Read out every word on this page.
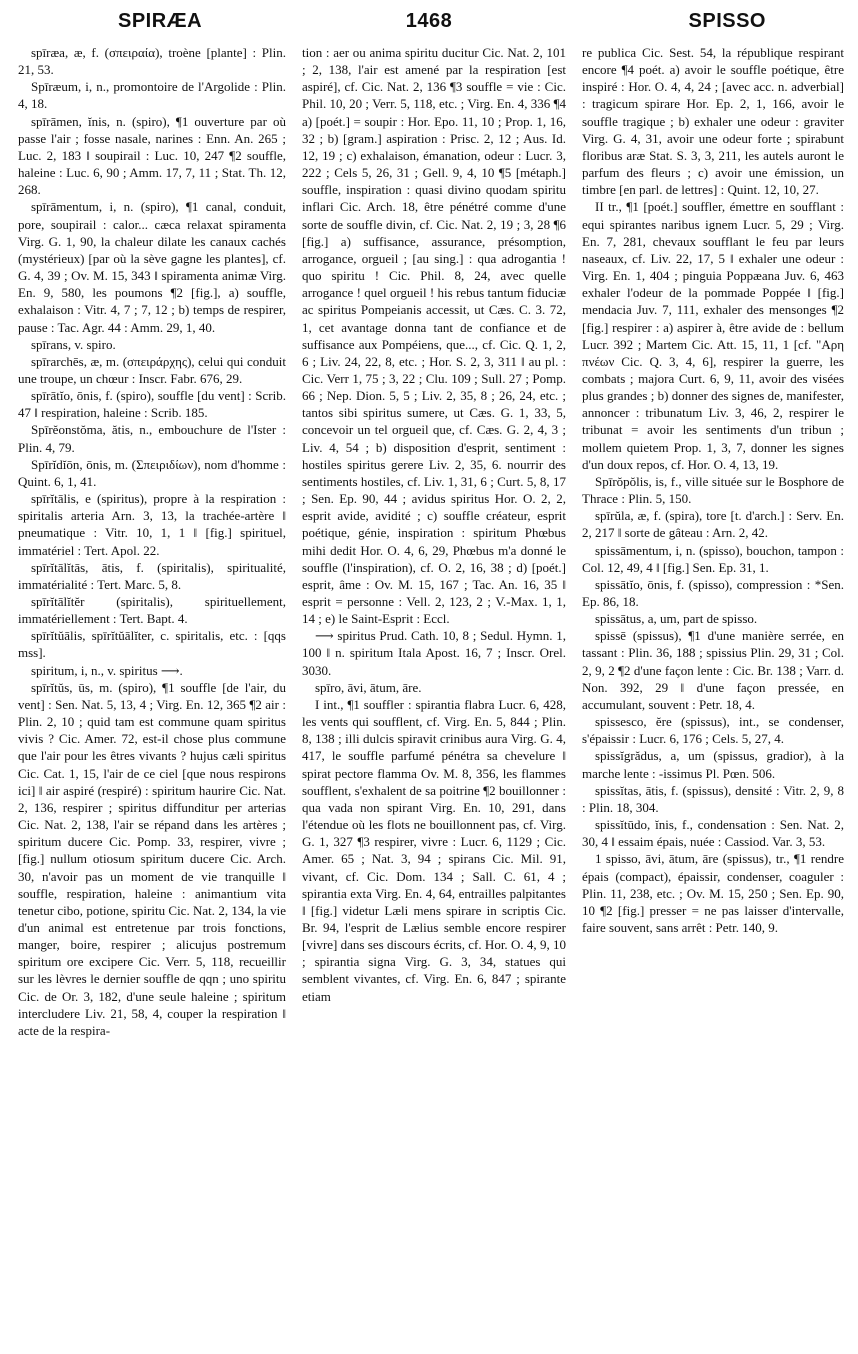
SPIRÆA	1468	SPISSO

spīræa, æ, f. (σπειραία), troène [plante] : Plin. 21, 53.

Spīræum, i, n., promontoire de l'Argolide : Plin. 4, 18.

spīrāmen, ĭnis, n. (spiro), ¶1 ouverture par où passe l'air ; fosse nasale, narines : Enn. An. 265 ; Luc. 2, 183 ‖ soupirail : Luc. 10, 247 ¶2 souffle, haleine : Luc. 6, 90 ; Amm. 17, 7, 11 ; Stat. Th. 12, 268.

spīrāmentum, i, n. (spiro), ¶1 canal, conduit, pore, soupirail : calor... cæca relaxat spiramenta Virg. G. 1, 90, la chaleur dilate les canaux cachés (mystérieux) [par où la sève gagne les plantes], cf. G. 4, 39 ; Ov. M. 15, 343 ‖ spiramenta animæ Virg. En. 9, 580, les poumons ¶2 [fig.], a) souffle, exhalaison : Vitr. 4, 7 ; 7, 12 ; b) temps de respirer, pause : Tac. Agr. 44 : Amm. 29, 1, 40.

spīrans, v. spiro.

spīrarchēs, æ, m. (σπειράρχης), celui qui conduit une troupe, un chœur : Inscr. Fabr. 676, 29.

spīrātĭo, ōnis, f. (spiro), souffle [du vent] : Scrib. 47 ‖ respiration, haleine : Scrib. 185.

Spīrĕonstŏma, ătis, n., embouchure de l'Ister : Plin. 4, 79.

Spīrĭdĭōn, ōnis, m. (Σπειριδίων), nom d'homme : Quint. 6, 1, 41.

spīrĭtālis, e (spiritus), propre à la respiration : spiritalis arteria Arn. 3, 13, la trachée-artère ‖ pneumatique : Vitr. 10, 1, 1 ‖ [fig.] spirituel, immatériel : Tert. Apol. 22.

spīrĭtālĭtās, ātis, f. (spiritalis), spiritualité, immatérialité : Tert. Marc. 5, 8.

spīrĭtālĭtĕr (spiritalis), spirituellement, immatériellement : Tert. Bapt. 4.

spīrĭtŭālis, spīrĭtŭālĭter, c. spiritalis, etc. : [qqs mss].

spiritum, i, n., v. spiritus ⟶.

spīrĭtŭs, ūs, m. (spiro), ¶1 souffle [de l'air, du vent] : Sen. Nat. 5, 13, 4 ; Virg. En. 12, 365 ¶2 air : Plin. 2, 10 ; quid tam est commune quam spiritus vivis ? Cic. Amer. 72, est-il chose plus commune que l'air pour les êtres vivants ? hujus cæli spiritus Cic. Cat. 1, 15, l'air de ce ciel [que nous respirons ici] ‖ air aspiré (respiré) : spiritum haurire Cic. Nat. 2, 136, respirer ; spiritus diffunditur per arterias Cic. Nat. 2, 138, l'air se répand dans les artères ; spiritum ducere Cic. Pomp. 33, respirer, vivre ; [fig.] nullum otiosum spiritum ducere Cic. Arch. 30, n'avoir pas un moment de vie tranquille ‖ souffle, respiration, haleine : animantium vita tenetur cibo, potione, spiritu Cic. Nat. 2, 134, la vie d'un animal est entretenue par trois fonctions, manger, boire, respirer ; alicujus postremum spiritum ore excipere Cic. Verr. 5, 118, recueillir sur les lèvres le dernier souffle de qqn ; uno spiritu Cic. de Or. 3, 182, d'une seule haleine ; spiritum intercludere Liv. 21, 58, 4, couper la respiration ‖ acte de la respira-

tion : aer ou anima spiritu ducitur Cic. Nat. 2, 101 ; 2, 138, l'air est amené par la respiration [est aspiré], cf. Cic. Nat. 2, 136 ¶3 souffle = vie : Cic. Phil. 10, 20 ; Verr. 5, 118, etc. ; Virg. En. 4, 336 ¶4 a) [poét.] = soupir : Hor. Epo. 11, 10 ; Prop. 1, 16, 32 ; b) [gram.] aspiration : Prisc. 2, 12 ; Aus. Id. 12, 19 ; c) exhalaison, émanation, odeur : Lucr. 3, 222 ; Cels 5, 26, 31 ; Gell. 9, 4, 10 ¶5 [métaph.] souffle, inspiration : quasi divino quodam spiritu inflari Cic. Arch. 18, être pénétré comme d'une sorte de souffle divin, cf. Cic. Nat. 2, 19 ; 3, 28 ¶6 [fig.] a) suffisance, assurance, présomption, arrogance, orgueil ; [au sing.] : qua adrogantia ! quo spiritu ! Cic. Phil. 8, 24, avec quelle arrogance ! quel orgueil ! his rebus tantum fiduciæ ac spiritus Pompeianis accessit, ut Cæs. C. 3. 72, 1, cet avantage donna tant de confiance et de suffisance aux Pompéiens, que..., cf. Cic. Q. 1, 2, 6 ; Liv. 24, 22, 8, etc. ; Hor. S. 2, 3, 311 ‖ au pl. : Cic. Verr 1, 75 ; 3, 22 ; Clu. 109 ; Sull. 27 ; Pomp. 66 ; Nep. Dion. 5, 5 ; Liv. 2, 35, 8 ; 26, 24, etc. ; tantos sibi spiritus sumere, ut Cæs. G. 1, 33, 5, concevoir un tel orgueil que, cf. Cæs. G. 2, 4, 3 ; Liv. 4, 54 ; b) disposition d'esprit, sentiment : hostiles spiritus gerere Liv. 2, 35, 6. nourrir des sentiments hostiles, cf. Liv. 1, 31, 6 ; Curt. 5, 8, 17 ; Sen. Ep. 90, 44 ; avidus spiritus Hor. O. 2, 2, esprit avide, avidité ; c) souffle créateur, esprit poétique, génie, inspiration : spiritum Phœbus mihi dedit Hor. O. 4, 6, 29, Phœbus m'a donné le souffle (l'inspiration), cf. O. 2, 16, 38 ; d) [poét.] esprit, âme : Ov. M. 15, 167 ; Tac. An. 16, 35 ‖ esprit = personne : Vell. 2, 123, 2 ; V.-Max. 1, 1, 14 ; e) le Saint-Esprit : Eccl.

⟶ spiritus Prud. Cath. 10, 8 ; Sedul. Hymn. 1, 100 ‖ n. spiritum Itala Apost. 16, 7 ; Inscr. Orel. 3030.

spīro, āvi, ātum, āre.

I int., ¶1 souffler : spirantia flabra Lucr. 6, 428, les vents qui soufflent, cf. Virg. En. 5, 844 ; Plin. 8, 138 ; illi dulcis spiravit crinibus aura Virg. G. 4, 417, le souffle parfumé pénétra sa chevelure ‖ spirat pectore flamma Ov. M. 8, 356, les flammes soufflent, s'exhalent de sa poitrine ¶2 bouillonner : qua vada non spirant Virg. En. 10, 291, dans l'étendue où les flots ne bouillonnent pas, cf. Virg. G. 1, 327 ¶3 respirer, vivre : Lucr. 6, 1129 ; Cic. Amer. 65 ; Nat. 3, 94 ; spirans Cic. Mil. 91, vivant, cf. Cic. Dom. 134 ; Sall. C. 61, 4 ; spirantia exta Virg. En. 4, 64, entrailles palpitantes ‖ [fig.] videtur Læli mens spirare in scriptis Cic. Br. 94, l'esprit de Lælius semble encore respirer [vivre] dans ses discours écrits, cf. Hor. O. 4, 9, 10 ; spirantia signa Virg. G. 3, 34, statues qui semblent vivantes, cf. Virg. En. 6, 847 ; spirante etiam

re publica Cic. Sest. 54, la république respirant encore ¶4 poét. a) avoir le souffle poétique, être inspiré : Hor. O. 4, 4, 24 ; [avec acc. n. adverbial] : tragicum spirare Hor. Ep. 2, 1, 166, avoir le souffle tragique ; b) exhaler une odeur : graviter Virg. G. 4, 31, avoir une odeur forte ; spirabunt floribus aræ Stat. S. 3, 3, 211, les autels auront le parfum des fleurs ; c) avoir une émission, un timbre [en parl. de lettres] : Quint. 12, 10, 27.

II tr., ¶1 [poét.] souffler, émettre en soufflant : equi spirantes naribus ignem Lucr. 5, 29 ; Virg. En. 7, 281, chevaux soufflant le feu par leurs naseaux, cf. Liv. 22, 17, 5 ‖ exhaler une odeur : Virg. En. 1, 404 ; pinguia Poppæana Juv. 6, 463 exhaler l'odeur de la pommade Poppée ‖ [fig.] mendacia Juv. 7, 111, exhaler des mensonges ¶2 [fig.] respirer : a) aspirer à, être avide de : bellum Lucr. 392 ; Martem Cic. Att. 15, 11, 1 [cf. "Aρη πνέων Cic. Q. 3, 4, 6], respirer la guerre, les combats ; majora Curt. 6, 9, 11, avoir des visées plus grandes ; b) donner des signes de, manifester, annoncer : tribunatum Liv. 3, 46, 2, respirer le tribunat = avoir les sentiments d'un tribun ; mollem quietem Prop. 1, 3, 7, donner les signes d'un doux repos, cf. Hor. O. 4, 13, 19.

Spīrŏpŏlis, is, f., ville située sur le Bosphore de Thrace : Plin. 5, 150.

spīrŭla, æ, f. (spira), tore [t. d'arch.] : Serv. En. 2, 217 ‖ sorte de gâteau : Arn. 2, 42.

spissāmentum, i, n. (spisso), bouchon, tampon : Col. 12, 49, 4 ‖ [fig.] Sen. Ep. 31, 1.

spissātĭo, ōnis, f. (spisso), compression : *Sen. Ep. 86, 18.

spissātus, a, um, part de spisso.

spissē (spissus), ¶1 d'une manière serrée, en tassant : Plin. 36, 188 ; spissius Plin. 29, 31 ; Col. 2, 9, 2 ¶2 d'une façon lente : Cic. Br. 138 ; Varr. d. Non. 392, 29 ‖ d'une façon pressée, en accumulant, souvent : Petr. 18, 4.

spissesco, ĕre (spissus), int., se condenser, s'épaissir : Lucr. 6, 176 ; Cels. 5, 27, 4.

spissĭgrădus, a, um (spissus, gradior), à la marche lente : -issimus Pl. Pœn. 506.

spissĭtas, ātis, f. (spissus), densité : Vitr. 2, 9, 8 : Plin. 18, 304.

spissĭtūdo, ĭnis, f., condensation : Sen. Nat. 2, 30, 4 ‖ essaim épais, nuée : Cassiod. Var. 3, 53.

1 spisso, āvi, ātum, āre (spissus), tr., ¶1 rendre épais (compact), épaissir, condenser, coaguler : Plin. 11, 238, etc. ; Ov. M. 15, 250 ; Sen. Ep. 90, 10 ¶2 [fig.] presser = ne pas laisser d'intervalle, faire souvent, sans arrêt : Petr. 140, 9.
